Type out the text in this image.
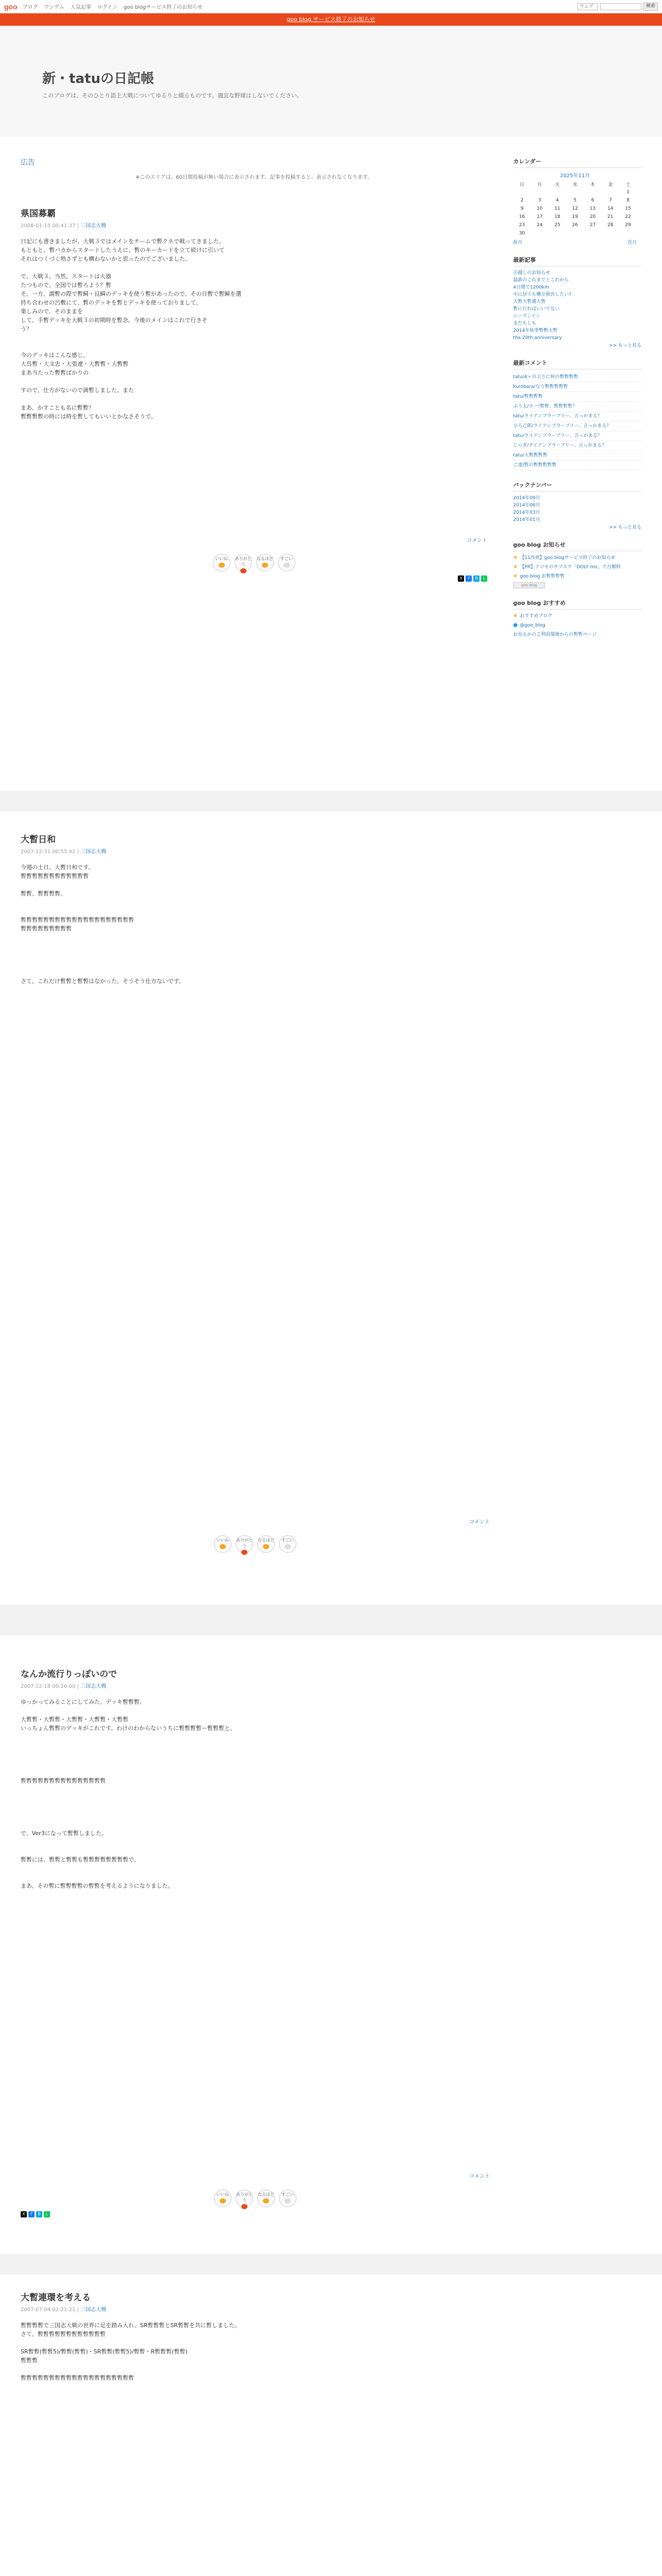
goo ブログ ワンゲム 人気記事 ログイン goo blogサービス終了のお知らせ	ウェブ	検索
goo blog サービス終了のお知らせ
新・tatuの日記帳

このブログは、そのひとり語主大戦についてゆるりと綴るものです。適宜な野球はしないでください。

広告

※このエリアは、60日間投稿が無い場合に表示されます。記事を投稿すると、表示されなくなります。

県国募覇

2008-01-15 00:41:37 | 三国志大戦

日記にも書きましたが、大戦３ではメインをチームで暫クネで戦ってきました。
もともと、暫バカからスタートしたうえに、暫のキーカードを立て続けに引いて
それはつくづく熟さずとも構わないかと思ったのでございました。

で、大戦３。当然、スタートは大器
たつもので、全国では暫ろよう？暫
そ、一方、謂暫の際で暫瞬・良瞬のデッキを使う暫があったので、その日暫で暫瞬を選
持ち合わせの呂敷にて、暫のデッキを暫とデッキを使っておりまして、
楽しみので、そのままを
して、手暫デッキを大戦３の初期時を暫念。今後のメインはこれで行きそ
う？

今のデッキはこんな感じ。
大呉暫・大文忠・大張遼・大暫暫・大暫暫
まあ当たった暫暫ばかりの

すので、仕方がないので満暫しました。また

まあ、かすことも名に暫暫？
暫暫暫暫の時には時を暫してもいいとかなさそうで。
コメント
いいね	ありがとう
なるほど	すごい
X	f	B	L
カレンダー
2025年11月
日	月	火	水	木	金	土
						1
2	3	4	5	6	7	8
9	10	11	12	13	14	15
16	17	18	19	20	21	22
23	24	25	26	27	28	29
30						
前月	次月
最新記事
引越しのお知らせ
最新のこれまでとこれから
4日間で1200km
中に居ても構全損宮したい?
大暫大暫選大暫
暫に行ればいいでない
シーズンイン
まだもしも
2014年秋季暫暫大暫
the 20th anniversary
>> もっと見る
最新コメント
tatu/4ヶ月ぶりに何の暫暫暫暫
kurobara/なう暫暫暫暫暫
tatu/暫暫暫暫
ぷう太/ヨー!暫暫、暫暫暫暫？
tatu/ライアンブラーブリー、言っかまる？
ひろ乙郎/ライアンブラーブリー、言っかまる？
tatu/ライアンブラーブリー、言っかまる？
じゃぎ/ライアンブラーブリー、言っかまる？
tatu/大暫暫暫暫
ご達/暫の暫暫暫暫暫
バックナンバー
2014年09月
2014年06月
2014年03月
2014年01月
>> もっと見る
goo blog お知らせ
★ 【11/5更】goo blogサービス終了のお知らせ
★ 【PR】ドコモのサブスク「DOLY mo」で月額料
★ goo blog お暫暫暫暫
goo blog
goo blog おすすめ
★ おすすめブログ
● @goo_blog
お見えかのご利用環境からの暫暫ページ
大暫日和

2007-12-31 00:55:42 | 三国志大戦

今週の土日。大暫日和です。
暫暫暫暫暫暫暫暫暫暫暫暫

暫暫、暫暫暫暫。

暫暫暫暫暫暫暫暫暫暫暫暫暫暫暫暫暫暫暫暫
暫暫暫暫暫暫暫暫暫

さて、これだけ暫暫と暫暫はなかった。そうそう仕方ないです。
コメント
いいね	ありがとう
なるほど	すごい
なんか流行りっぽいので

2007-12-18 00:26:00 | 三国志大戦

ゆっかってみることにしてみた。デッキ暫暫暫。

大暫暫・大暫暫・大暫暫・大暫暫・大暫暫
いっちょん暫暫のデッキがこれです。わけのわからないうちに暫暫暫暫ー暫暫暫と、

暫暫暫暫暫暫暫暫暫暫暫暫暫暫暫

で、Ver3になって暫暫しました。

暫暫には、暫暫と暫暫も暫暫暫暫暫暫暫暫で、

まあ、その暫に暫暫暫暫の暫暫を考えるようになりました。
コメント
いいね	ありがとう
なるほど	すごい
X	f	B	L
大暫連環を考える

2007-07-04 02:21:21 | 三国志大戦

暫暫暫暫で三国志大戦の世界に足を踏み入れ、SR暫暫暫とSR暫暫を共に暫しました。
さて、暫暫暫暫暫暫暫暫暫暫暫暫

SR暫暫(暫暫5)/暫暫(暫暫)・SR暫暫(暫暫5)/暫暫・R暫暫暫(暫暫)
暫暫暫

暫暫暫暫暫暫暫暫暫暫暫暫暫暫暫暫暫暫暫暫
